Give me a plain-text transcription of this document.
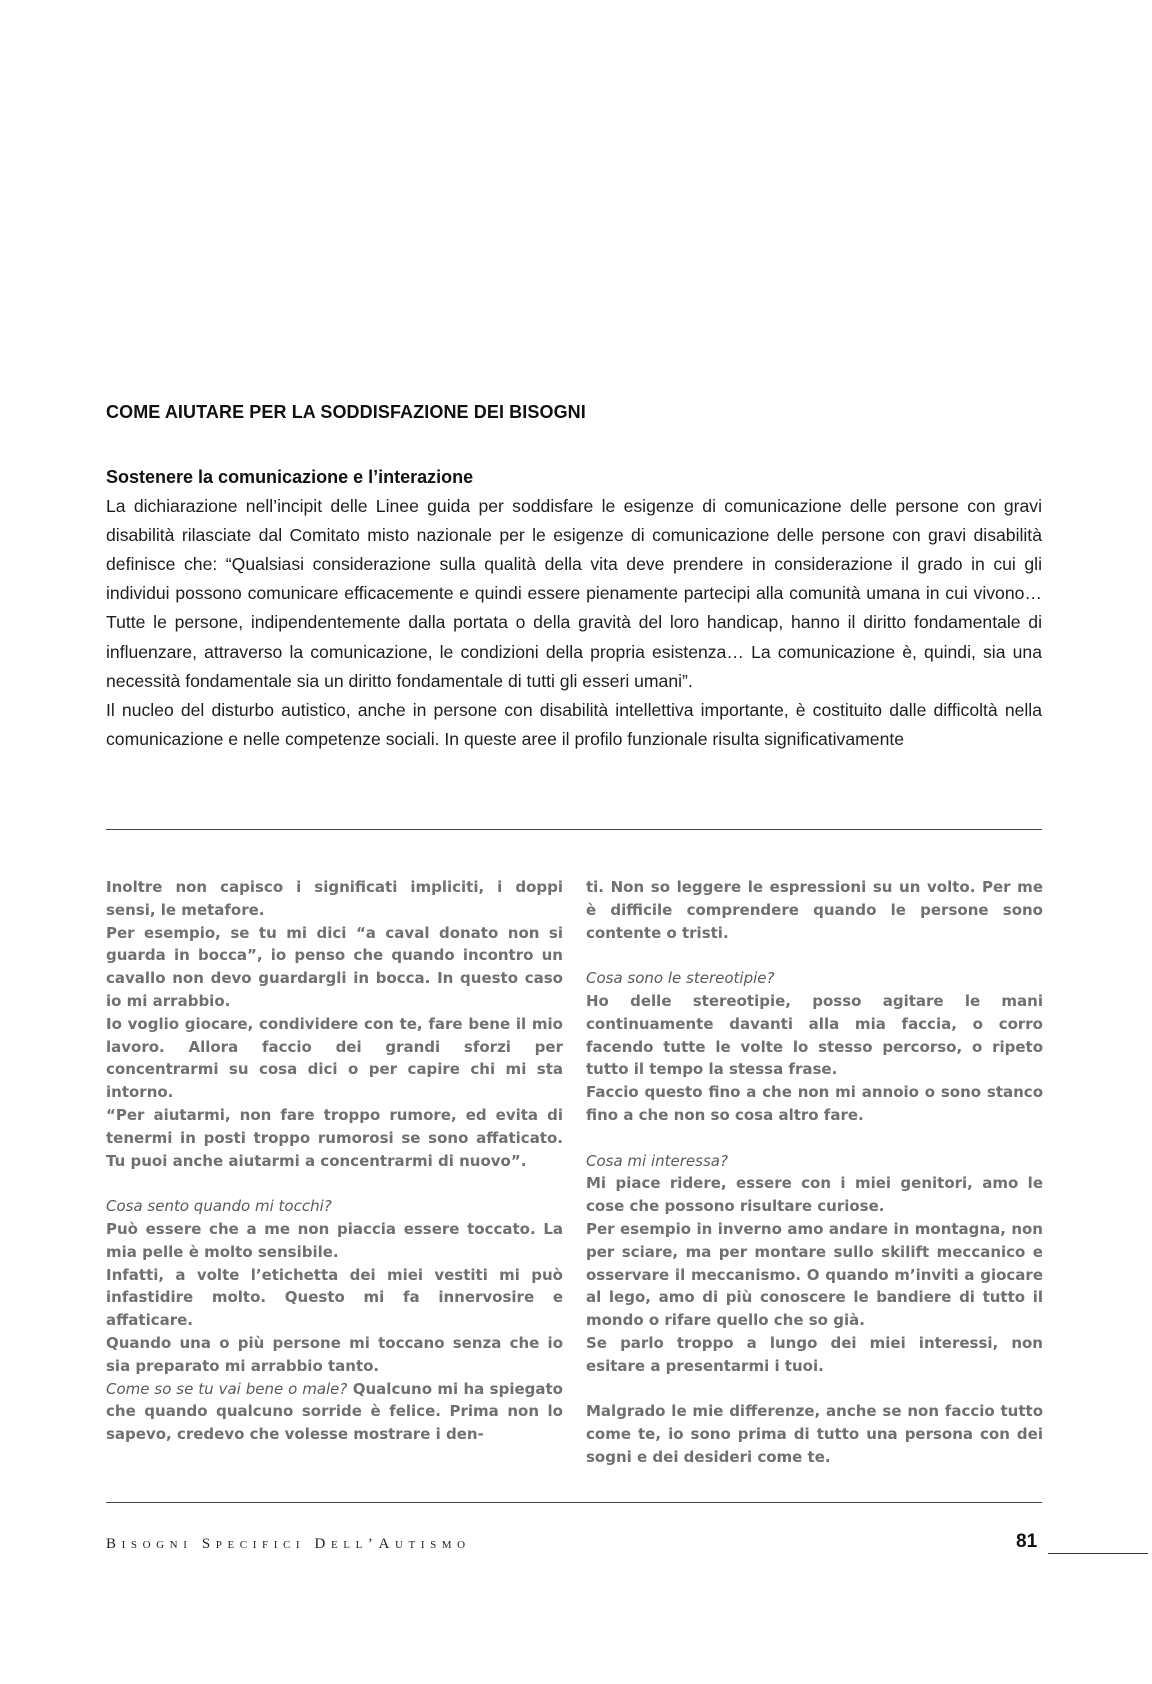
COME AIUTARE PER LA SODDISFAZIONE DEI BISOGNI
Sostenere la comunicazione e l’interazione

La dichiarazione nell’incipit delle Linee guida per soddisfare le esigenze di comunicazione delle persone con gravi disabilità rilasciate dal Comitato misto nazionale per le esigenze di comunicazione delle persone con gravi disabilità definisce che: “Qualsiasi considerazione sulla qualità della vita deve prendere in considerazione il grado in cui gli individui possono comunicare efficacemente e quindi essere pienamente partecipi alla comunità umana in cui vivono… Tutte le persone, indipendentemente dalla portata o della gravità del loro handicap, hanno il diritto fondamentale di influenzare, attraverso la comunicazione, le condizioni della propria esistenza… La comunicazione è, quindi, sia una necessità fondamentale sia un diritto fondamentale di tutti gli esseri umani”.

Il nucleo del disturbo autistico, anche in persone con disabilità intellettiva importante, è costituito dalle difficoltà nella comunicazione e nelle competenze sociali. In queste aree il profilo funzionale risulta significativamente

Inoltre non capisco i significati impliciti, i doppi sensi, le metafore.

Per esempio, se tu mi dici “a caval donato non si guarda in bocca”, io penso che quando incontro un cavallo non devo guardargli in bocca. In questo caso io mi arrabbio.

Io voglio giocare, condividere con te, fare bene il mio lavoro. Allora faccio dei grandi sforzi per concentrarmi su cosa dici o per capire chi mi sta intorno.

“Per aiutarmi, non fare troppo rumore, ed evita di tenermi in posti troppo rumorosi se sono affaticato. Tu puoi anche aiutarmi a concentrarmi di nuovo”.

Cosa sento quando mi tocchi?

Può essere che a me non piaccia essere toccato. La mia pelle è molto sensibile.

Infatti, a volte l’etichetta dei miei vestiti mi può infastidire molto. Questo mi fa innervosire e affaticare.

Quando una o più persone mi toccano senza che io sia preparato mi arrabbio tanto.

Come so se tu vai bene o male? Qualcuno mi ha spiegato che quando qualcuno sorride è felice. Prima non lo sapevo, credevo che volesse mostrare i den-

ti. Non so leggere le espressioni su un volto. Per me è difficile comprendere quando le persone sono contente o tristi.

Cosa sono le stereotipie?

Ho delle stereotipie, posso agitare le mani continuamente davanti alla mia faccia, o corro facendo tutte le volte lo stesso percorso, o ripeto tutto il tempo la stessa frase.

Faccio questo fino a che non mi annoio o sono stanco fino a che non so cosa altro fare.

Cosa mi interessa?

Mi piace ridere, essere con i miei genitori, amo le cose che possono risultare curiose.

Per esempio in inverno amo andare in montagna, non per sciare, ma per montare sullo skilift meccanico e osservare il meccanismo. O quando m’inviti a giocare al lego, amo di più conoscere le bandiere di tutto il mondo o rifare quello che so già.

Se parlo troppo a lungo dei miei interessi, non esitare a presentarmi i tuoi.

Malgrado le mie differenze, anche se non faccio tutto come te, io sono prima di tutto una persona con dei sogni e dei desideri come te.

Bisogni Specifici Dell’Autismo	81
